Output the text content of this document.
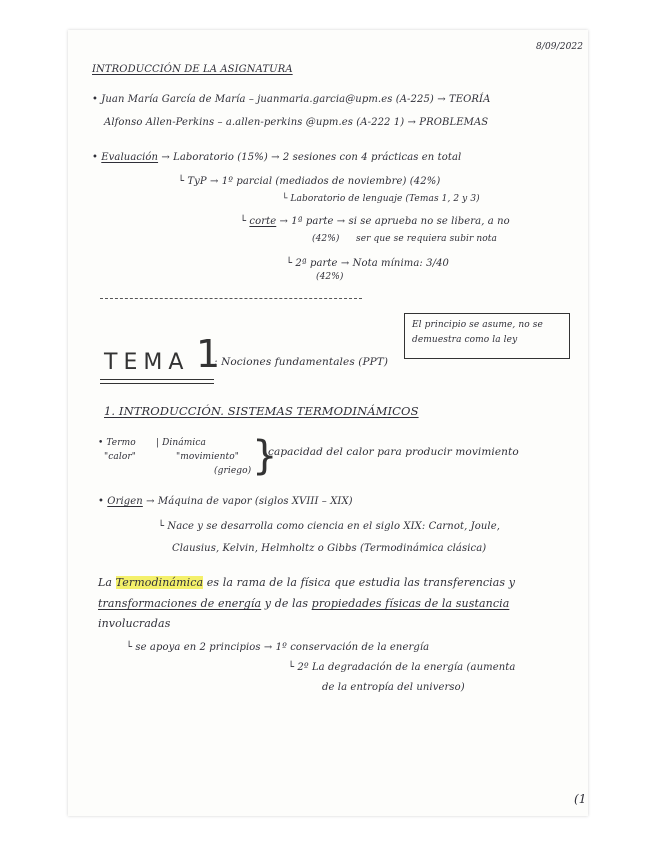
8/09/2022
INTRODUCCIÓN DE LA ASIGNATURA
• Juan María García de María – juanmaria.garcia@upm.es (A-225) → TEORÍA
Alfonso Allen-Perkins – a.allen-perkins @upm.es (A-222 1) → PROBLEMAS
• Evaluación → Laboratorio (15%) → 2 sesiones con 4 prácticas en total
└ TyP → 1º parcial (mediados de noviembre) (42%)
└ Laboratorio de lenguaje (Temas 1, 2 y 3)
└ corte → 1ª parte → si se aprueba no se libera, a no
(42%) ser que se requiera subir nota
└ 2ª parte → Nota mínima: 3/40
(42%)
El principio se asume, no se demuestra como la ley
TEMA 1
: Nociones fundamentales (PPT)
1. INTRODUCCIÓN. SISTEMAS TERMODINÁMICOS
• Termo
"calor"
| Dinámica
"movimiento"
(griego) }
capacidad del calor para producir movimiento
• Origen → Máquina de vapor (siglos XVIII – XIX)
└ Nace y se desarrolla como ciencia en el siglo XIX: Carnot, Joule,
Clausius, Kelvin, Helmholtz o Gibbs (Termodinámica clásica)
La Termodinámica es la rama de la física que estudia las transferencias y
transformaciones de energía y de las propiedades físicas de la sustancia
involucradas
└ se apoya en 2 principios → 1º conservación de la energía
└ 2º La degradación de la energía (aumenta
de la entropía del universo)
(1
